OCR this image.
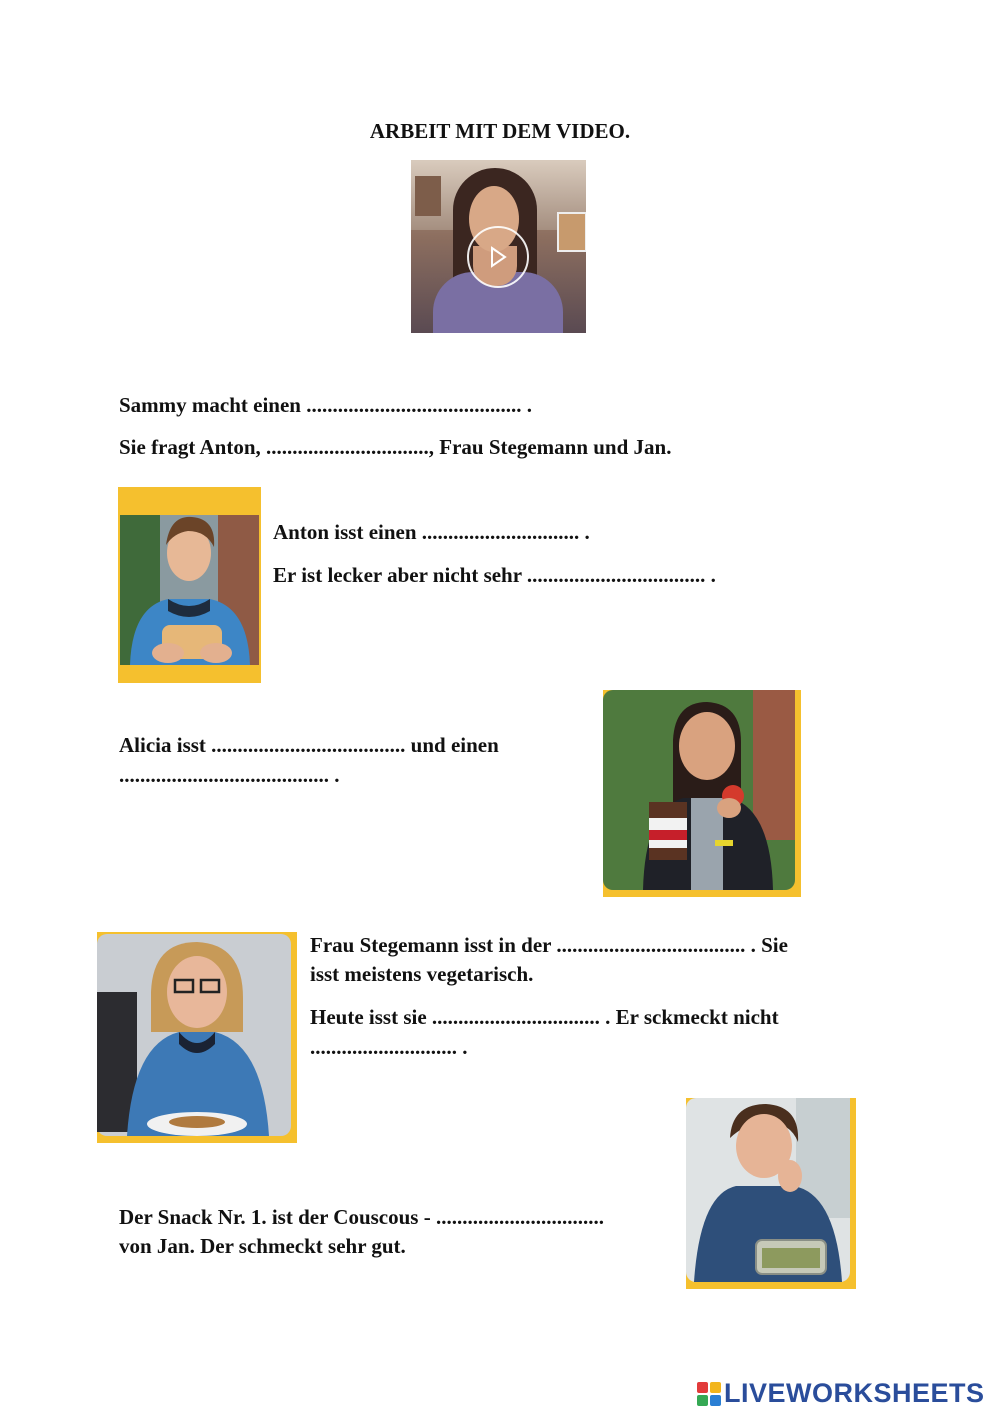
ARBEIT MIT DEM VIDEO.
Sammy macht einen ......................................... .
Sie fragt Anton, ..............................., Frau Stegemann und Jan.
Anton isst einen .............................. .
Er ist lecker aber nicht sehr .................................. .
Alicia isst ..................................... und einen
........................................ .
Frau Stegemann isst in der .................................... . Sie
isst meistens vegetarisch.
Heute isst sie ................................ . Er sckmeckt nicht
............................ .
Der Snack Nr. 1. ist der Couscous - ................................
von Jan. Der schmeckt sehr gut.
LIVEWORKSHEETS
